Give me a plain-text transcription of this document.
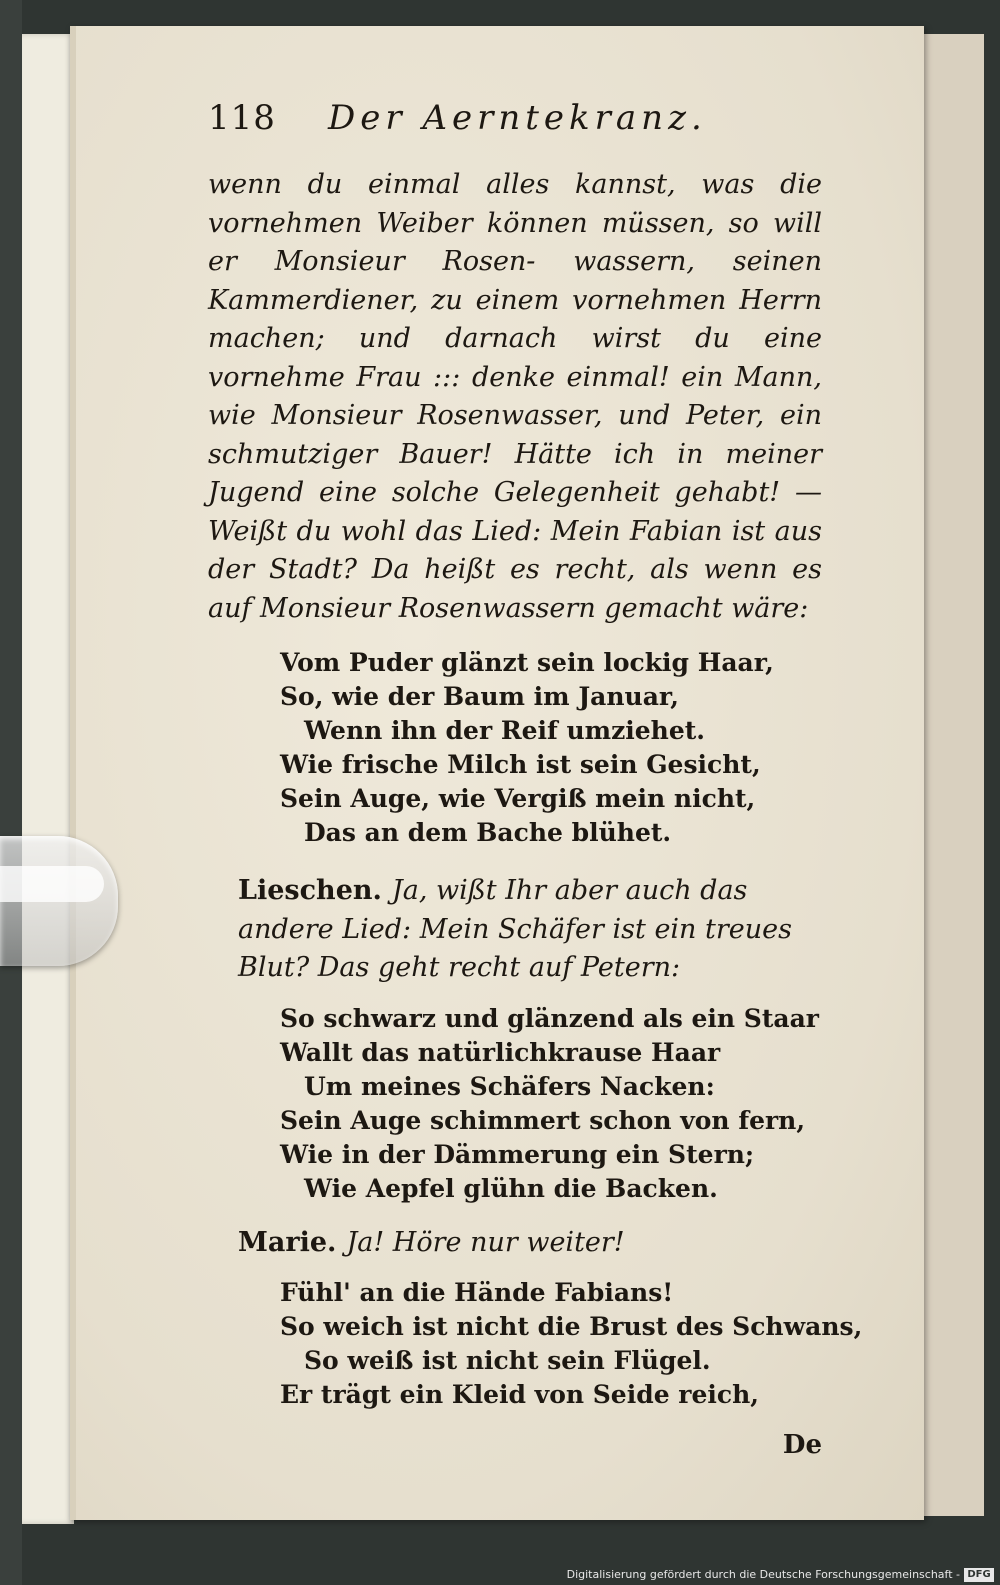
118	Der Aerntekranz.

wenn du einmal alles kannst, was die vornehmen Weiber können müssen, so will er Monsieur Rosen- wassern, seinen Kammerdiener, zu einem vornehmen Herrn machen; und darnach wirst du eine vornehme Frau ::: denke einmal! ein Mann, wie Monsieur Rosenwasser, und Peter, ein schmutziger Bauer! Hätte ich in meiner Jugend eine solche Gelegenheit gehabt! — Weißt du wohl das Lied: Mein Fabian ist aus der Stadt? Da heißt es recht, als wenn es auf Monsieur Rosenwassern gemacht wäre:

Vom Puder glänzt sein lockig Haar,
So, wie der Baum im Januar,
Wenn ihn der Reif umziehet.
Wie frische Milch ist sein Gesicht,
Sein Auge, wie Vergiß mein nicht,
Das an dem Bache blühet.

Lieschen. Ja, wißt Ihr aber auch das andere Lied: Mein Schäfer ist ein treues Blut? Das geht recht auf Petern:

So schwarz und glänzend als ein Staar
Wallt das natürlichkrause Haar
Um meines Schäfers Nacken:
Sein Auge schimmert schon von fern,
Wie in der Dämmerung ein Stern;
Wie Aepfel glühn die Backen.

Marie. Ja! Höre nur weiter!

Fühl' an die Hände Fabians!
So weich ist nicht die Brust des Schwans,
So weiß ist nicht sein Flügel.
Er trägt ein Kleid von Seide reich,
De
Digitalisierung gefördert durch die Deutsche Forschungsgemeinschaft - DFG
